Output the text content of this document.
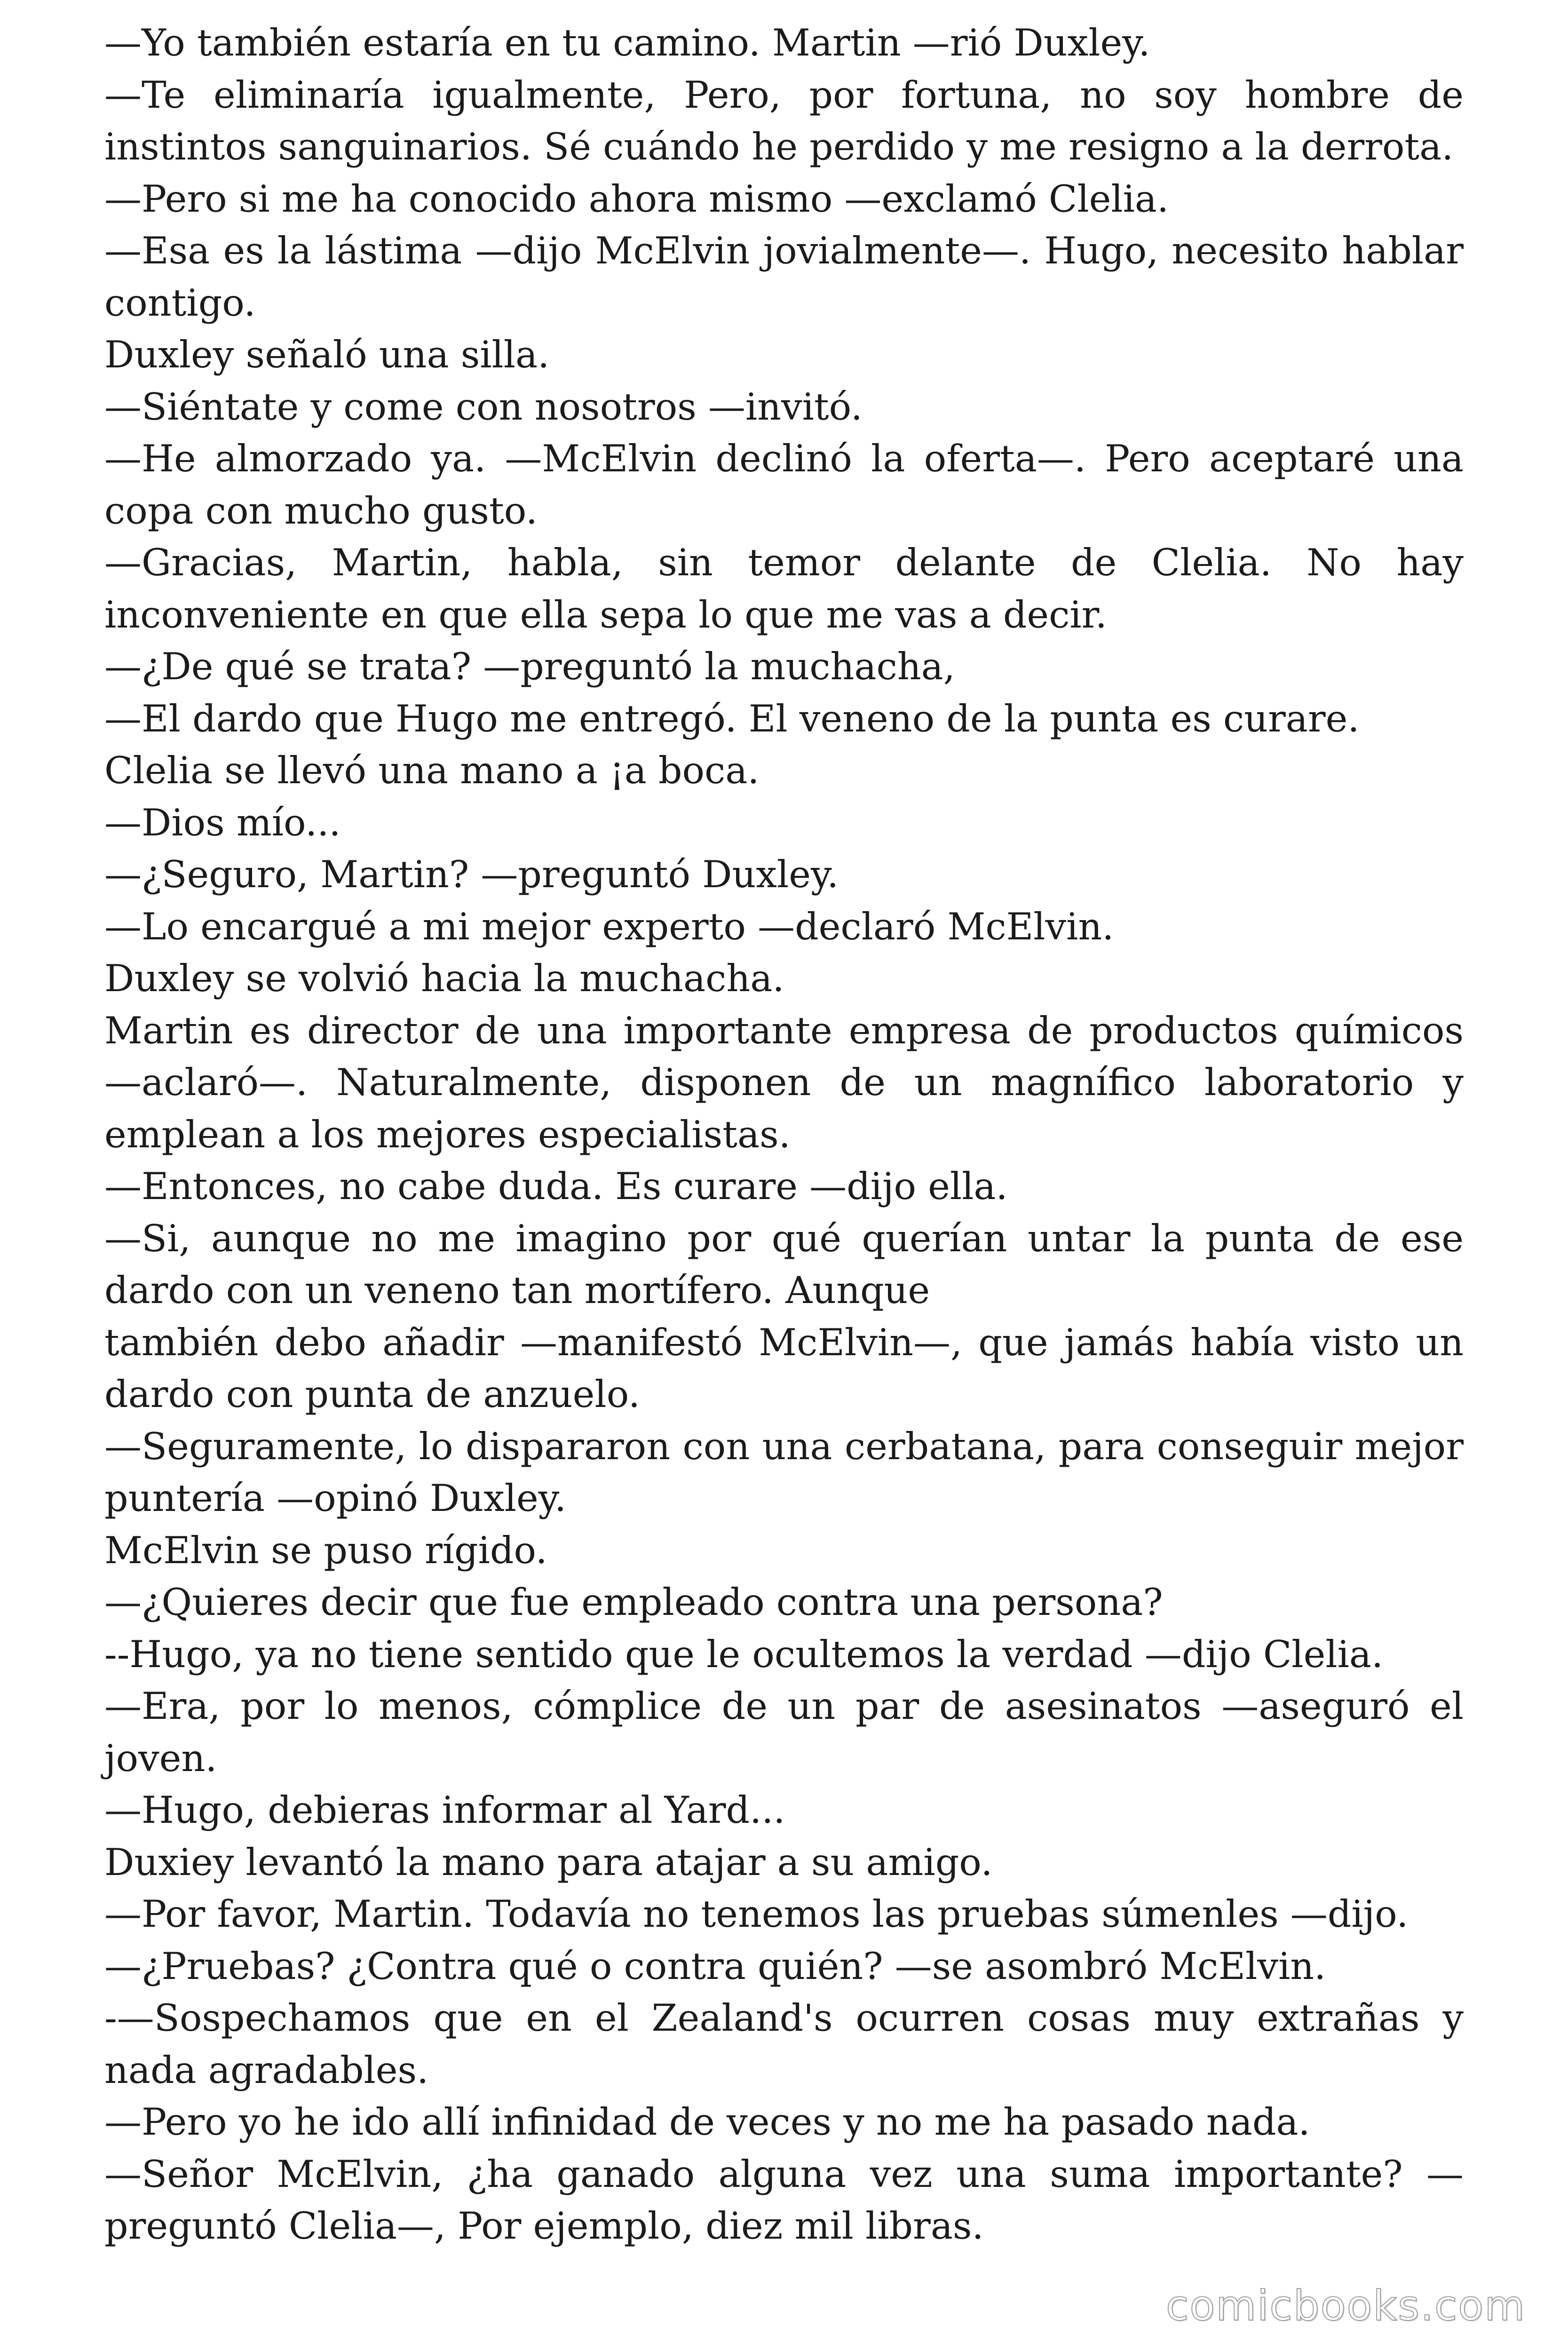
—Yo también estaría en tu camino. Martin —rió Duxley.

—Te eliminaría igualmente, Pero, por fortuna, no soy hombre de instintos sanguinarios. Sé cuándo he perdido y me resigno a la derrota.

—Pero si me ha conocido ahora mismo —exclamó Clelia.

—Esa es la lástima —dijo McElvin jovialmente—. Hugo, necesito hablar contigo.

Duxley señaló una silla.

—Siéntate y come con nosotros —invitó.

—He almorzado ya. —McElvin declinó la oferta—. Pero aceptaré una copa con mucho gusto.

—Gracias, Martin, habla, sin temor delante de Clelia. No hay inconveniente en que ella sepa lo que me vas a decir.

—¿De qué se trata? —preguntó la muchacha,

—El dardo que Hugo me entregó. El veneno de la punta es curare.

Clelia se llevó una mano a ¡a boca.

—Dios mío...

—¿Seguro, Martin? —preguntó Duxley.

—Lo encargué a mi mejor experto —declaró McElvin.

Duxley se volvió hacia la muchacha.

Martin es director de una importante empresa de productos químicos —aclaró—. Naturalmente, disponen de un magnífico laboratorio y emplean a los mejores especialistas.

—Entonces, no cabe duda. Es curare —dijo ella.

—Si, aunque no me imagino por qué querían untar la punta de ese dardo con un veneno tan mortífero. Aunque

también debo añadir —manifestó McElvin—, que jamás había visto un dardo con punta de anzuelo.

—Seguramente, lo dispararon con una cerbatana, para conseguir mejor puntería —opinó Duxley.

McElvin se puso rígido.

—¿Quieres decir que fue empleado contra una persona?

--Hugo, ya no tiene sentido que le ocultemos la verdad —dijo Clelia.

—Era, por lo menos, cómplice de un par de asesinatos —aseguró el joven.

—Hugo, debieras informar al Yard...

Duxiey levantó la mano para atajar a su amigo.

—Por favor, Martin. Todavía no tenemos las pruebas súmenles —dijo.

—¿Pruebas? ¿Contra qué o contra quién? —se asombró McElvin.

-—Sospechamos que en el Zealand's ocurren cosas muy extrañas y nada agradables.

—Pero yo he ido allí infinidad de veces y no me ha pasado nada.

—Señor McElvin, ¿ha ganado alguna vez una suma importante? — preguntó Clelia—, Por ejemplo, diez mil libras.

comicbooks.com
